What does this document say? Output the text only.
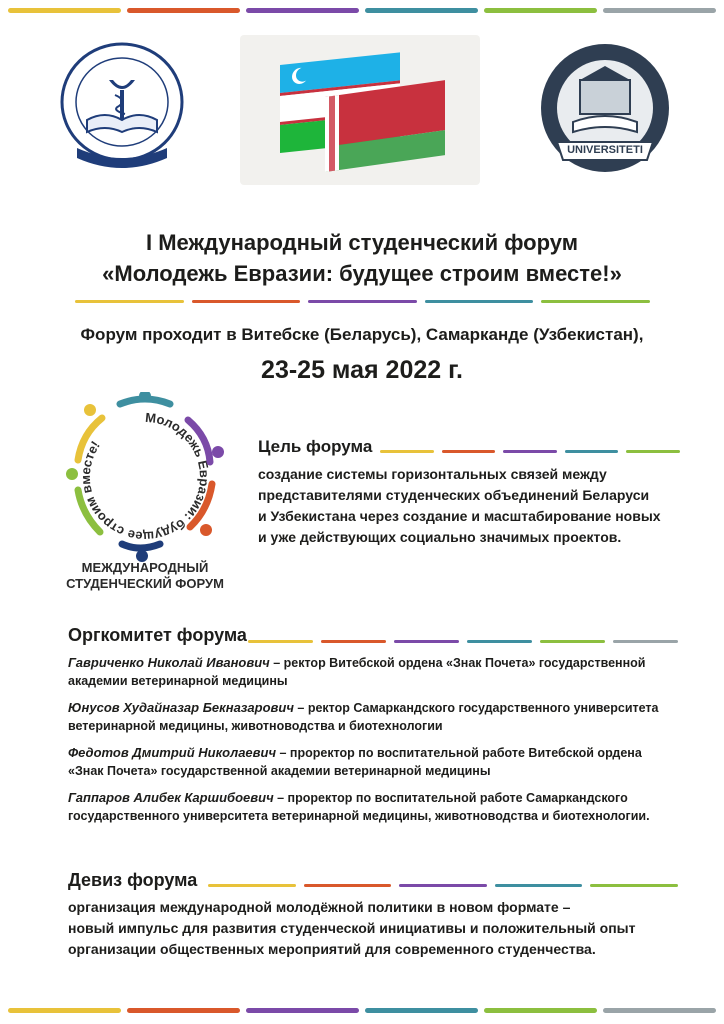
UNIVERSITETI
I Международный студенческий форум
«Молодежь Евразии: будущее строим вместе!»
Форум проходит в Витебске (Беларусь), Самарканде (Узбекистан),
23-25 мая 2022 г.
Молодежь Евразии: будущее строим вместе!
МЕЖДУНАРОДНЫЙ
СТУДЕНЧЕСКИЙ ФОРУМ
Цель форума
создание системы горизонтальных связей между
представителями студенческих объединений Беларуси
и Узбекистана через создание и масштабирование новых
и уже действующих социально значимых проектов.
Оргкомитет форума
Гавриченко Николай Иванович – ректор Витебской ордена «Знак Почета» государственной академии ветеринарной медицины
Юнусов Худайназар Бекназарович – ректор Самаркандского государственного университета ветеринарной медицины, животноводства и биотехнологии
Федотов Дмитрий Николаевич – проректор по воспитательной работе Витебской ордена «Знак Почета» государственной академии ветеринарной медицины
Гаппаров Алибек Каршибоевич – проректор по воспитательной работе Самаркандского государственного университета ветеринарной медицины, животноводства и биотехнологии.
Девиз форума
организация международной молодёжной политики в новом формате –
новый импульс для развития студенческой инициативы и положительный опыт
организации общественных мероприятий для современного студенчества.
